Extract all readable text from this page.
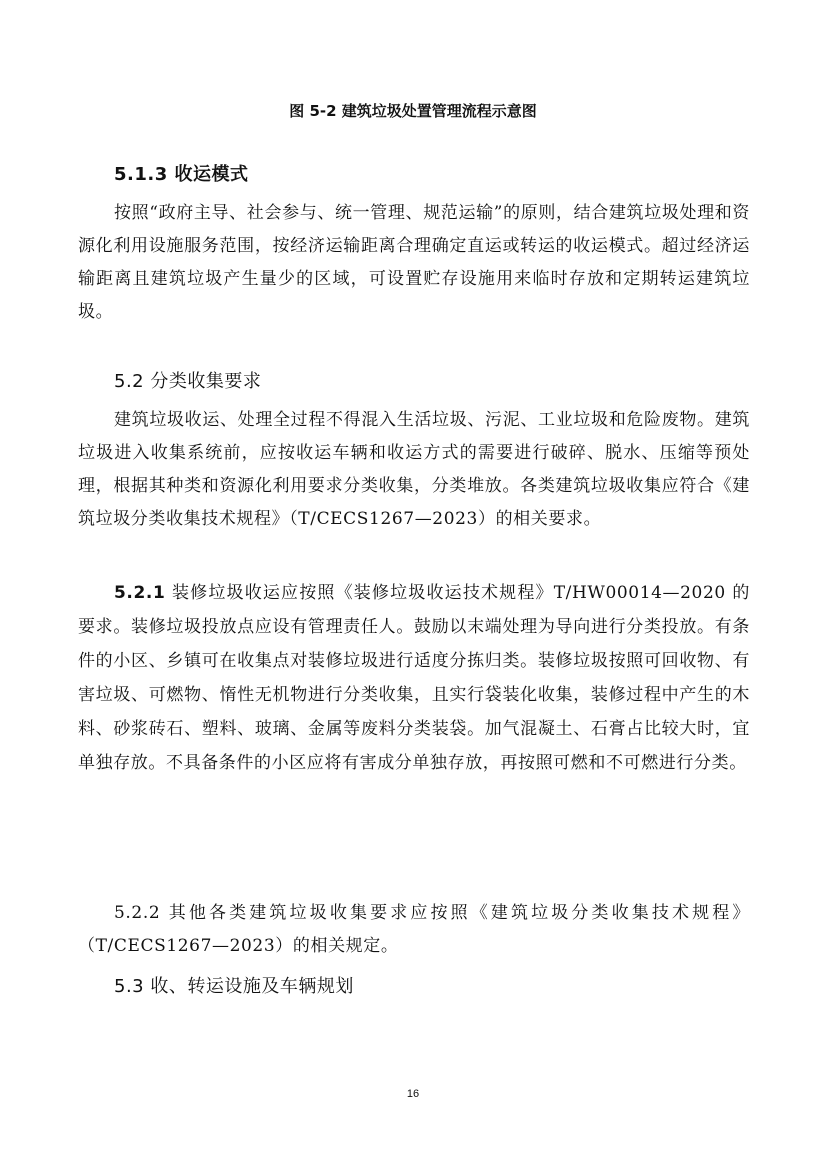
图 5-2 建筑垃圾处置管理流程示意图
5.1.3 收运模式
按照“政府主导、社会参与、统一管理、规范运输”的原则，结合建筑垃圾处理和资源化利用设施服务范围，按经济运输距离合理确定直运或转运的收运模式。超过经济运输距离且建筑垃圾产生量少的区域，可设置贮存设施用来临时存放和定期转运建筑垃圾。
5.2 分类收集要求
建筑垃圾收运、处理全过程不得混入生活垃圾、污泥、工业垃圾和危险废物。建筑垃圾进入收集系统前，应按收运车辆和收运方式的需要进行破碎、脱水、压缩等预处理，根据其种类和资源化利用要求分类收集，分类堆放。各类建筑垃圾收集应符合《建筑垃圾分类收集技术规程》（T/CECS1267—2023）的相关要求。
5.2.1 装修垃圾收运应按照《装修垃圾收运技术规程》T/HW00014—2020 的要求。装修垃圾投放点应设有管理责任人。鼓励以末端处理为导向进行分类投放。有条件的小区、乡镇可在收集点对装修垃圾进行适度分拣归类。装修垃圾按照可回收物、有害垃圾、可燃物、惰性无机物进行分类收集，且实行袋装化收集，装修过程中产生的木料、砂浆砖石、塑料、玻璃、金属等废料分类装袋。加气混凝土、石膏占比较大时，宜单独存放。不具备条件的小区应将有害成分单独存放，再按照可燃和不可燃进行分类。
5.2.2 其他各类建筑垃圾收集要求应按照《建筑垃圾分类收集技术规程》（T/CECS1267—2023）的相关规定。
5.3 收、转运设施及车辆规划
16
